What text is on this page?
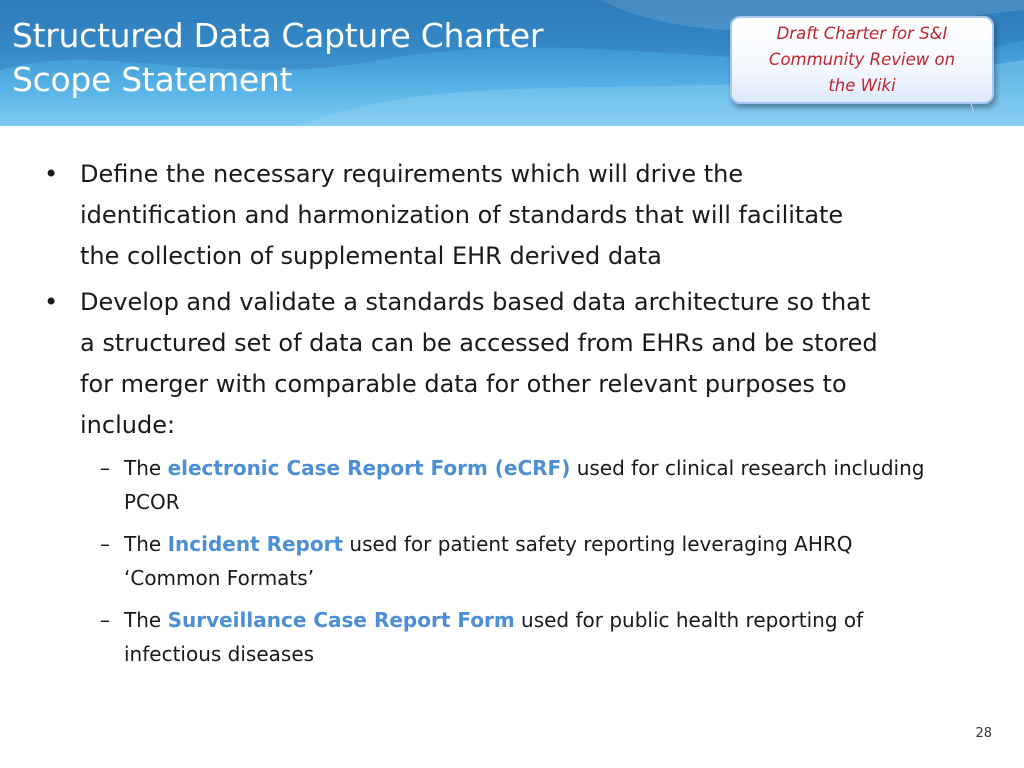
Structured Data Capture Charter
Scope Statement
Draft Charter for S&I
Community Review on
the Wiki
\
• Define the necessary requirements which will drive the
identification and harmonization of standards that will facilitate
the collection of supplemental EHR derived data
• Develop and validate a standards based data architecture so that
a structured set of data can be accessed from EHRs and be stored
for merger with comparable data for other relevant purposes to
include:
– The electronic Case Report Form (eCRF) used for clinical research including
PCOR
– The Incident Report used for patient safety reporting leveraging AHRQ
‘Common Formats’
– The Surveillance Case Report Form used for public health reporting of
infectious diseases
28
